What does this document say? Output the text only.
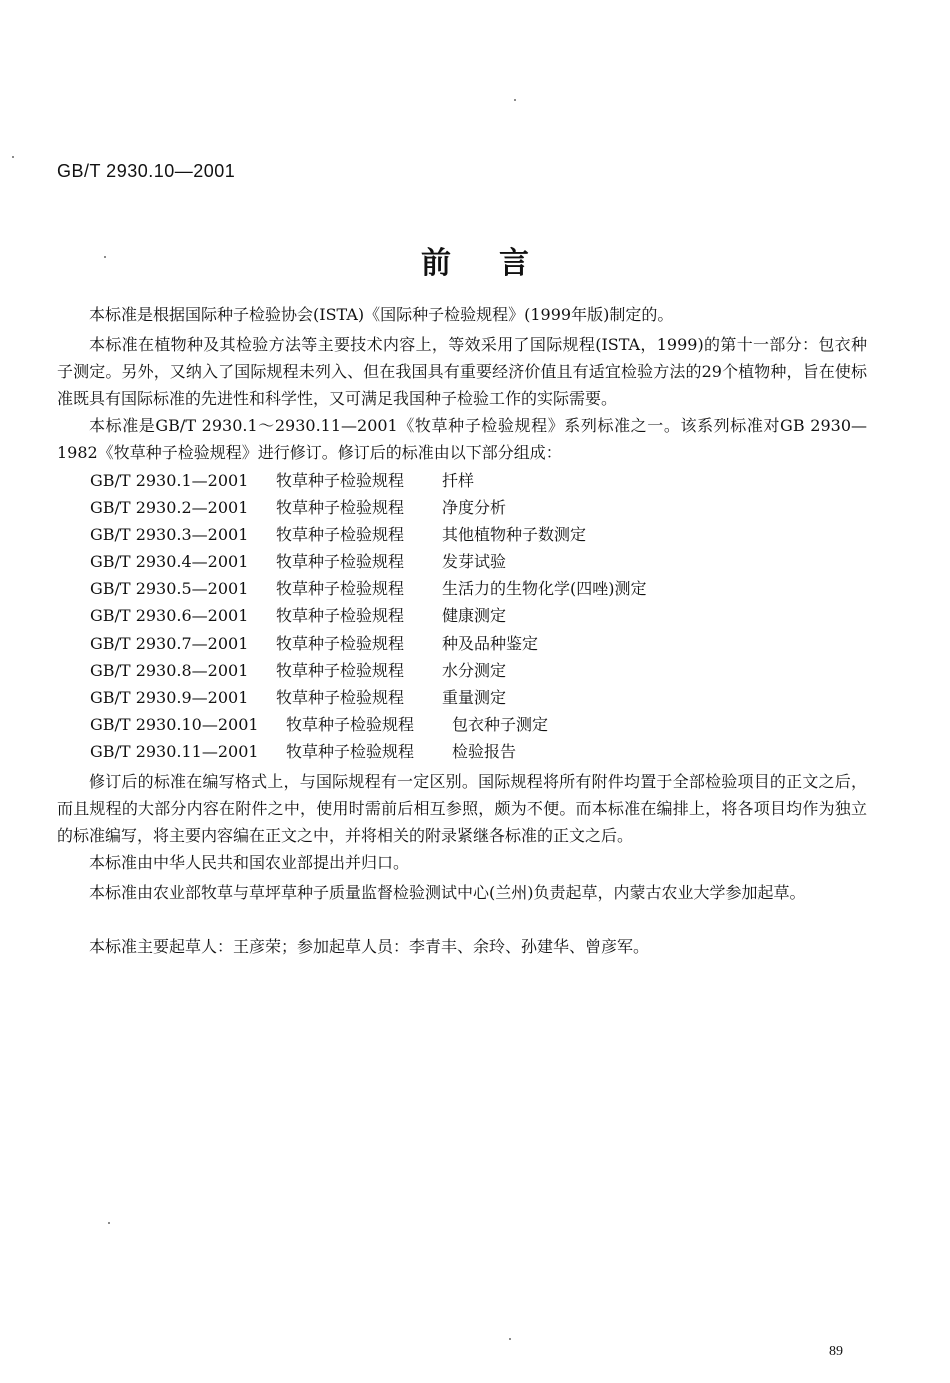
GB/T 2930.10—2001
前言

本标准是根据国际种子检验协会(ISTA)《国际种子检验规程》(1999年版)制定的。

本标准在植物种及其检验方法等主要技术内容上，等效采用了国际规程(ISTA，1999)的第十一部分：包衣种子测定。另外，又纳入了国际规程未列入、但在我国具有重要经济价值且有适宜检验方法的29个植物种，旨在使标准既具有国际标准的先进性和科学性，又可满足我国种子检验工作的实际需要。

本标准是GB/T 2930.1～2930.11—2001《牧草种子检验规程》系列标准之一。该系列标准对GB 2930—1982《牧草种子检验规程》进行修订。修订后的标准由以下部分组成：

GB/T 2930.1—2001 牧草种子检验规程 扦样
GB/T 2930.2—2001 牧草种子检验规程 净度分析
GB/T 2930.3—2001 牧草种子检验规程 其他植物种子数测定
GB/T 2930.4—2001 牧草种子检验规程 发芽试验
GB/T 2930.5—2001 牧草种子检验规程 生活力的生物化学(四唑)测定
GB/T 2930.6—2001 牧草种子检验规程 健康测定
GB/T 2930.7—2001 牧草种子检验规程 种及品种鉴定
GB/T 2930.8—2001 牧草种子检验规程 水分测定
GB/T 2930.9—2001 牧草种子检验规程 重量测定
GB/T 2930.10—2001 牧草种子检验规程 包衣种子测定
GB/T 2930.11—2001 牧草种子检验规程 检验报告

修订后的标准在编写格式上，与国际规程有一定区别。国际规程将所有附件均置于全部检验项目的正文之后，而且规程的大部分内容在附件之中，使用时需前后相互参照，颇为不便。而本标准在编排上，将各项目均作为独立的标准编写，将主要内容编在正文之中，并将相关的附录紧继各标准的正文之后。

本标准由中华人民共和国农业部提出并归口。

本标准由农业部牧草与草坪草种子质量监督检验测试中心(兰州)负责起草，内蒙古农业大学参加起草。

本标准主要起草人：王彦荣；参加起草人员：李青丰、余玲、孙建华、曾彦军。

89
